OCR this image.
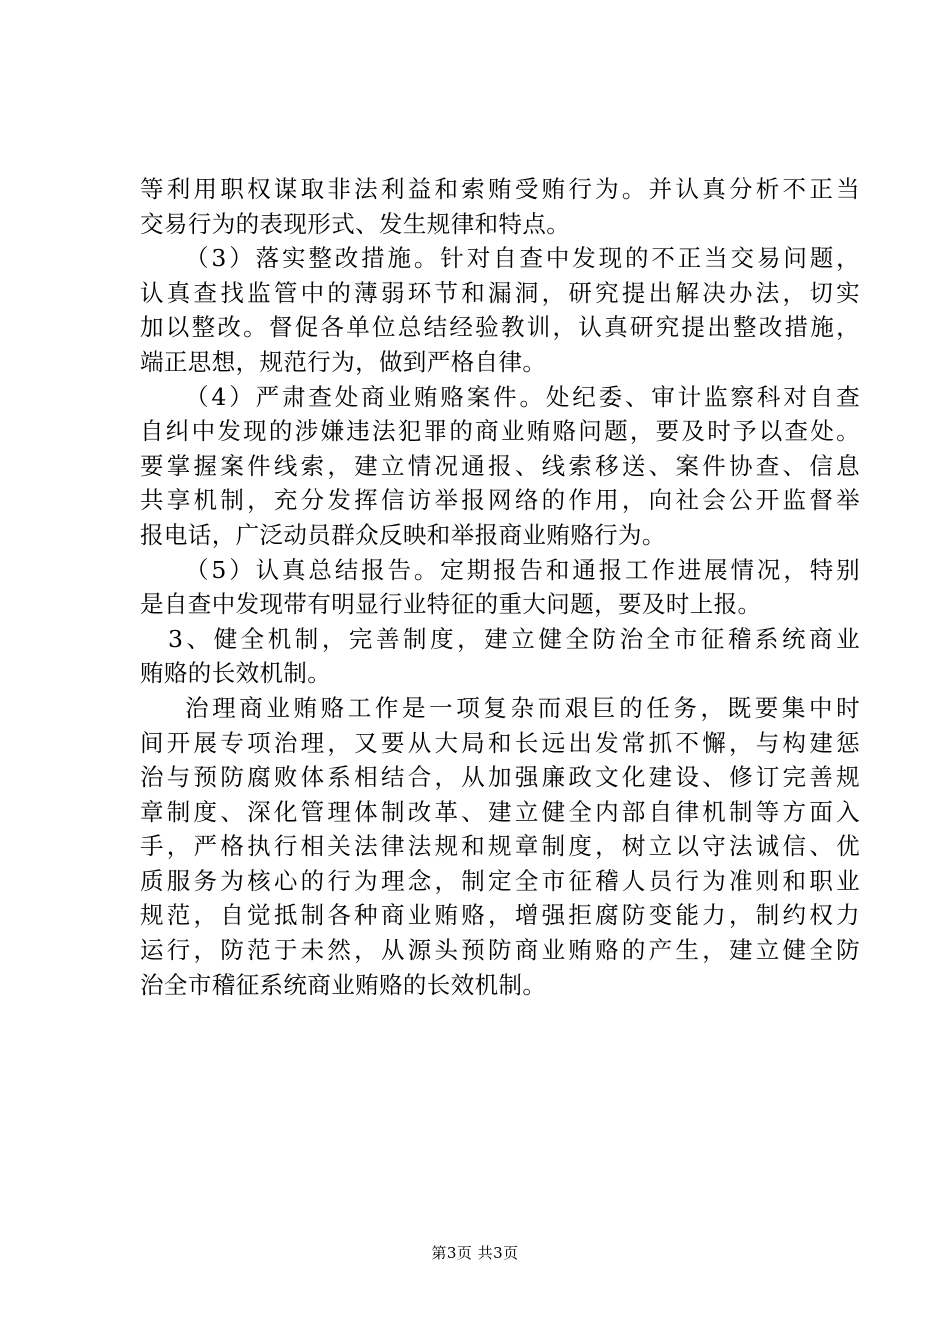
等利用职权谋取非法利益和索贿受贿行为。并认真分析不正当
交易行为的表现形式、发生规律和特点。
（3）落实整改措施。针对自查中发现的不正当交易问题，
认真查找监管中的薄弱环节和漏洞，研究提出解决办法，切实
加以整改。督促各单位总结经验教训，认真研究提出整改措施，
端正思想，规范行为，做到严格自律。
（4）严肃查处商业贿赂案件。处纪委、审计监察科对自查
自纠中发现的涉嫌违法犯罪的商业贿赂问题，要及时予以查处。
要掌握案件线索，建立情况通报、线索移送、案件协查、信息
共享机制，充分发挥信访举报网络的作用，向社会公开监督举
报电话，广泛动员群众反映和举报商业贿赂行为。
（5）认真总结报告。定期报告和通报工作进展情况，特别
是自查中发现带有明显行业特征的重大问题，要及时上报。
3、健全机制，完善制度，建立健全防治全市征稽系统商业
贿赂的长效机制。
治理商业贿赂工作是一项复杂而艰巨的任务，既要集中时
间开展专项治理，又要从大局和长远出发常抓不懈，与构建惩
治与预防腐败体系相结合，从加强廉政文化建设、修订完善规
章制度、深化管理体制改革、建立健全内部自律机制等方面入
手，严格执行相关法律法规和规章制度，树立以守法诚信、优
质服务为核心的行为理念，制定全市征稽人员行为准则和职业
规范，自觉抵制各种商业贿赂，增强拒腐防变能力，制约权力
运行，防范于未然，从源头预防商业贿赂的产生，建立健全防
治全市稽征系统商业贿赂的长效机制。
第3页 共3页
